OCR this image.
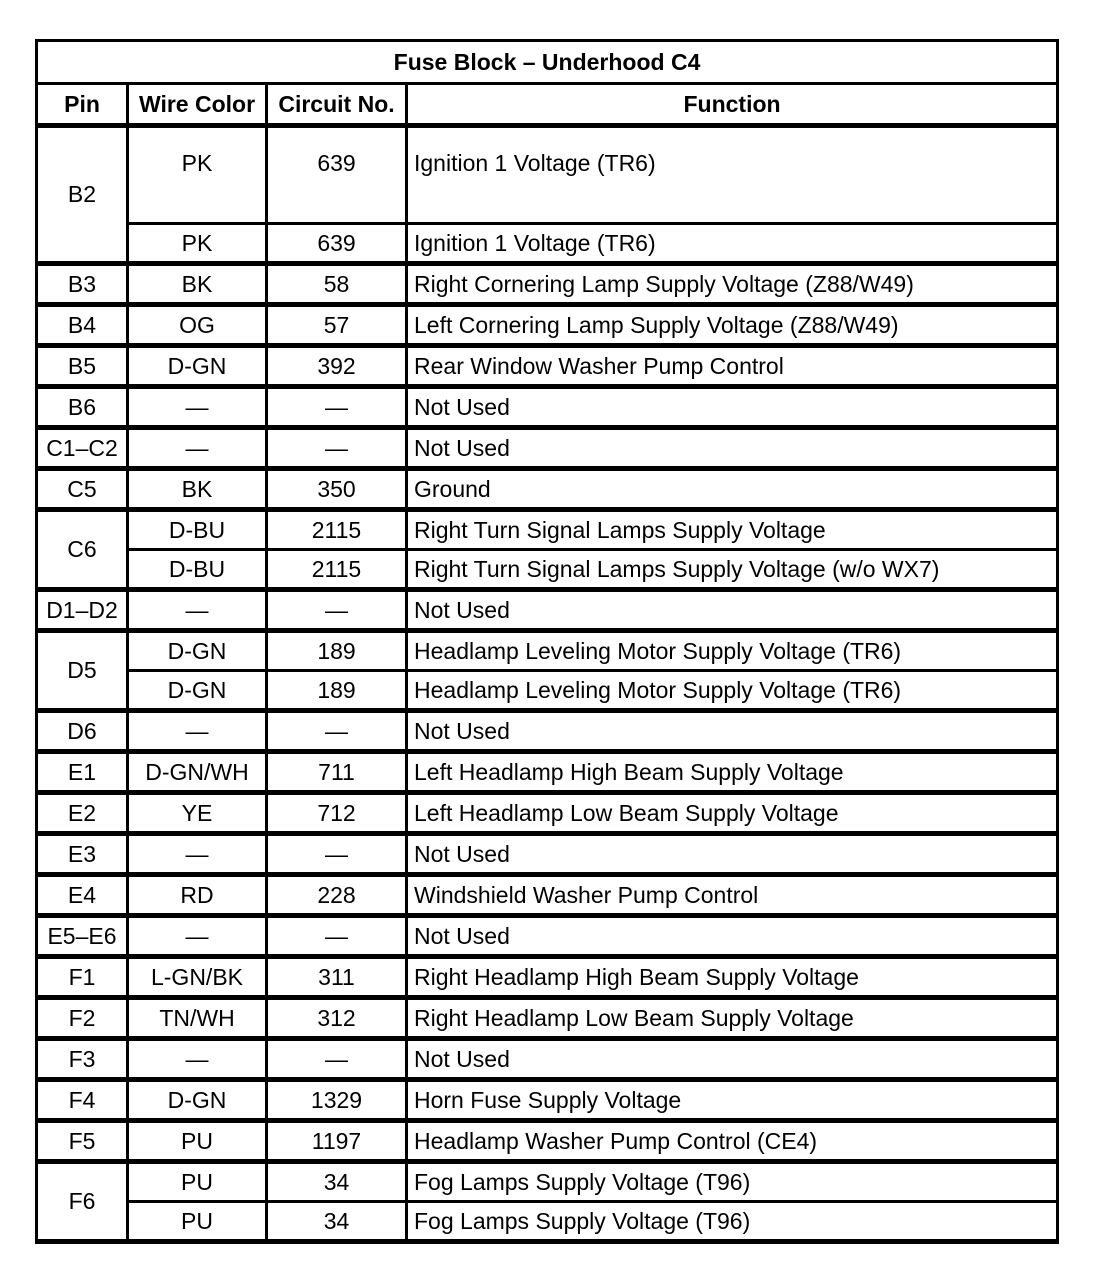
Fuse Block – Underhood C4			
Pin	Wire Color	Circuit No.	Function
B2	PK	639	Ignition 1 Voltage (TR6)
	PK	639	Ignition 1 Voltage (TR6)
B3	BK	58	Right Cornering Lamp Supply Voltage (Z88/W49)
B4	OG	57	Left Cornering Lamp Supply Voltage (Z88/W49)
B5	D-GN	392	Rear Window Washer Pump Control
B6	—	—	Not Used
C1–C2	—	—	Not Used
C5	BK	350	Ground
C6	D-BU	2115	Right Turn Signal Lamps Supply Voltage
	D-BU	2115	Right Turn Signal Lamps Supply Voltage (w/o WX7)
D1–D2	—	—	Not Used
D5	D-GN	189	Headlamp Leveling Motor Supply Voltage (TR6)
	D-GN	189	Headlamp Leveling Motor Supply Voltage (TR6)
D6	—	—	Not Used
E1	D-GN/WH	711	Left Headlamp High Beam Supply Voltage
E2	YE	712	Left Headlamp Low Beam Supply Voltage
E3	—	—	Not Used
E4	RD	228	Windshield Washer Pump Control
E5–E6	—	—	Not Used
F1	L-GN/BK	311	Right Headlamp High Beam Supply Voltage
F2	TN/WH	312	Right Headlamp Low Beam Supply Voltage
F3	—	—	Not Used
F4	D-GN	1329	Horn Fuse Supply Voltage
F5	PU	1197	Headlamp Washer Pump Control (CE4)
F6	PU	34	Fog Lamps Supply Voltage (T96)
	PU	34	Fog Lamps Supply Voltage (T96)
